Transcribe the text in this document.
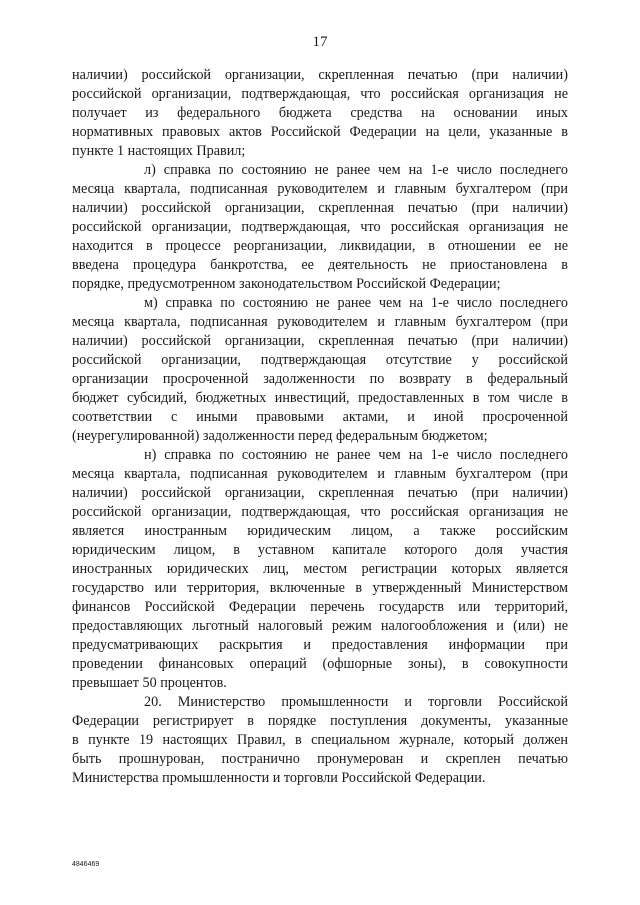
17
наличии) российской организации, скрепленная печатью (при наличии)
российской организации, подтверждающая, что российская организация не
получает из федерального бюджета средства на основании иных
нормативных правовых актов Российской Федерации на цели, указанные в
пункте 1 настоящих Правил;
л) справка по состоянию не ранее чем на 1-е число последнего
месяца квартала, подписанная руководителем и главным бухгалтером (при
наличии) российской организации, скрепленная печатью (при наличии)
российской организации, подтверждающая, что российская организация не
находится в процессе реорганизации, ликвидации, в отношении ее не
введена процедура банкротства, ее деятельность не приостановлена в
порядке, предусмотренном законодательством Российской Федерации;
м) справка по состоянию не ранее чем на 1-е число последнего
месяца квартала, подписанная руководителем и главным бухгалтером (при
наличии) российской организации, скрепленная печатью (при наличии)
российской организации, подтверждающая отсутствие у российской
организации просроченной задолженности по возврату в федеральный
бюджет субсидий, бюджетных инвестиций, предоставленных в том числе в
соответствии с иными правовыми актами, и иной просроченной
(неурегулированной) задолженности перед федеральным бюджетом;
н) справка по состоянию не ранее чем на 1-е число последнего
месяца квартала, подписанная руководителем и главным бухгалтером (при
наличии) российской организации, скрепленная печатью (при наличии)
российской организации, подтверждающая, что российская организация не
является иностранным юридическим лицом, а также российским
юридическим лицом, в уставном капитале которого доля участия
иностранных юридических лиц, местом регистрации которых является
государство или территория, включенные в утвержденный Министерством
финансов Российской Федерации перечень государств или территорий,
предоставляющих льготный налоговый режим налогообложения и (или) не
предусматривающих раскрытия и предоставления информации при
проведении финансовых операций (офшорные зоны), в совокупности
превышает 50 процентов.
20. Министерство промышленности и торговли Российской
Федерации регистрирует в порядке поступления документы, указанные
в пункте 19 настоящих Правил, в специальном журнале, который должен
быть прошнурован, постранично пронумерован и скреплен печатью
Министерства промышленности и торговли Российской Федерации.
4846469
